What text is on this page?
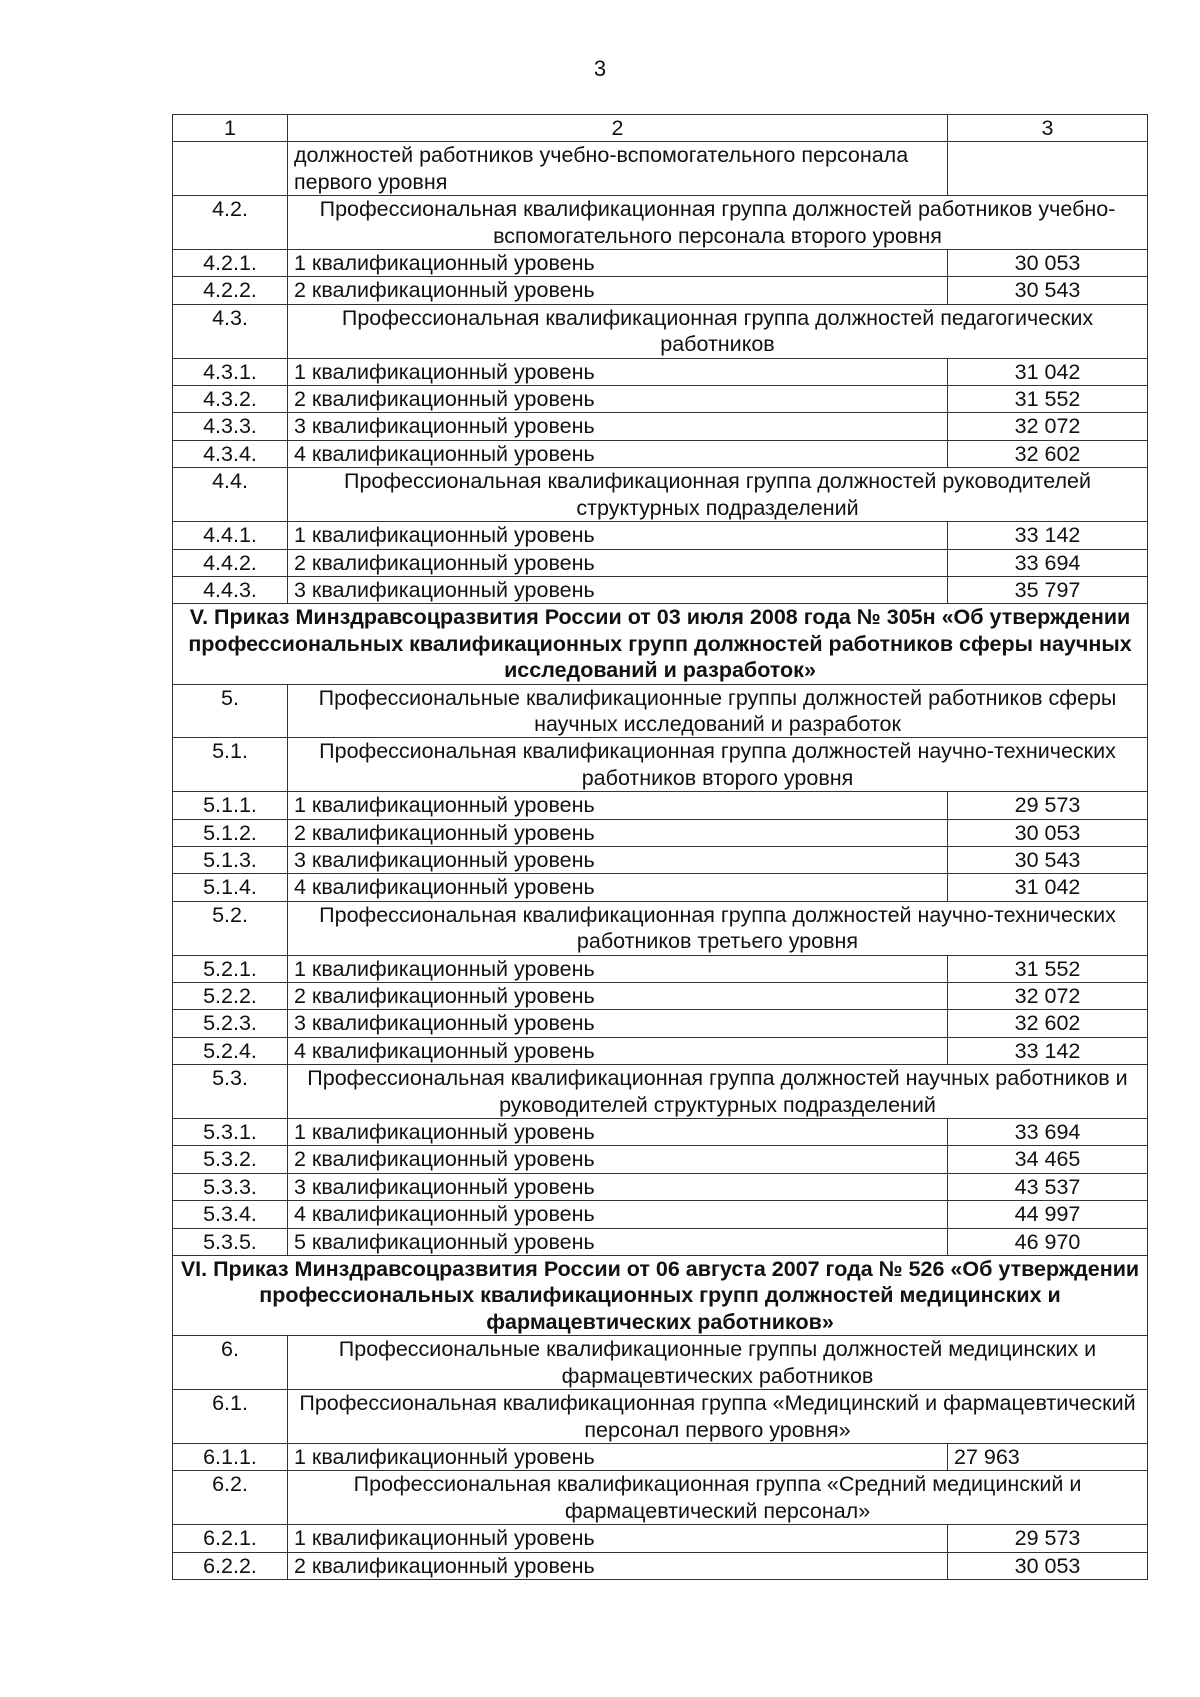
3
1	2	3
	должностей работников учебно-вспомогательного персонала первого уровня	
4.2.	Профессиональная квалификационная группа должностей работников учебно-вспомогательного персонала второго уровня	
4.2.1.	1 квалификационный уровень	30 053
4.2.2.	2 квалификационный уровень	30 543
4.3.	Профессиональная квалификационная группа должностей педагогических работников	
4.3.1.	1 квалификационный уровень	31 042
4.3.2.	2 квалификационный уровень	31 552
4.3.3.	3 квалификационный уровень	32 072
4.3.4.	4 квалификационный уровень	32 602
4.4.	Профессиональная квалификационная группа должностей руководителей структурных подразделений	
4.4.1.	1 квалификационный уровень	33 142
4.4.2.	2 квалификационный уровень	33 694
4.4.3.	3 квалификационный уровень	35 797
V. Приказ Минздравсоцразвития России от 03 июля 2008 года № 305н «Об утверждении профессиональных квалификационных групп должностей работников сферы научных исследований и разработок»		
5.	Профессиональные квалификационные группы должностей работников сферы научных исследований и разработок	
5.1.	Профессиональная квалификационная группа должностей научно-технических работников второго уровня	
5.1.1.	1 квалификационный уровень	29 573
5.1.2.	2 квалификационный уровень	30 053
5.1.3.	3 квалификационный уровень	30 543
5.1.4.	4 квалификационный уровень	31 042
5.2.	Профессиональная квалификационная группа должностей научно-технических работников третьего уровня	
5.2.1.	1 квалификационный уровень	31 552
5.2.2.	2 квалификационный уровень	32 072
5.2.3.	3 квалификационный уровень	32 602
5.2.4.	4 квалификационный уровень	33 142
5.3.	Профессиональная квалификационная группа должностей научных работников и руководителей структурных подразделений	
5.3.1.	1 квалификационный уровень	33 694
5.3.2.	2 квалификационный уровень	34 465
5.3.3.	3 квалификационный уровень	43 537
5.3.4.	4 квалификационный уровень	44 997
5.3.5.	5 квалификационный уровень	46 970
VI. Приказ Минздравсоцразвития России от 06 августа 2007 года № 526 «Об утверждении профессиональных квалификационных групп должностей медицинских и фармацевтических работников»		
6.	Профессиональные квалификационные группы должностей медицинских и фармацевтических работников	
6.1.	Профессиональная квалификационная группа «Медицинский и фармацевтический персонал первого уровня»	
6.1.1.	1 квалификационный уровень	27 963
6.2.	Профессиональная квалификационная группа «Средний медицинский и фармацевтический персонал»	
6.2.1.	1 квалификационный уровень	29 573
6.2.2.	2 квалификационный уровень	30 053
